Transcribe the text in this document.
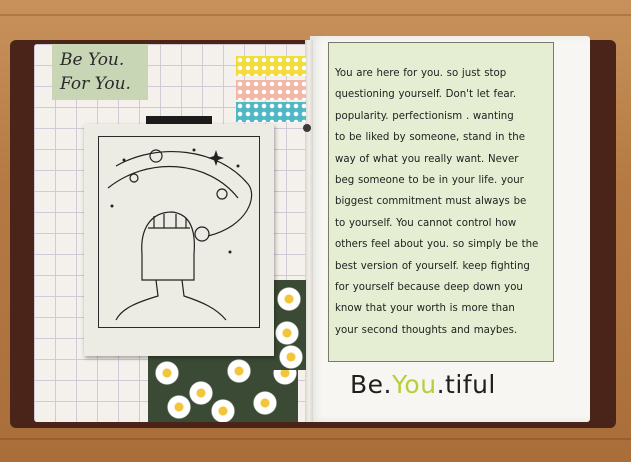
Be You.
For You.
You are here for you. so just stop
questioning yourself. Don't let fear.
popularity. perfectionism . wanting
to be liked by someone, stand in the
way of what you really want. Never
beg someone to be in your life. your
biggest commitment must always be
to yourself. You cannot control how
others feel about you. so simply be the
best version of yourself. keep fighting
for yourself because deep down you
know that your worth is more than
your second thoughts and maybes.
Be.You.tiful
